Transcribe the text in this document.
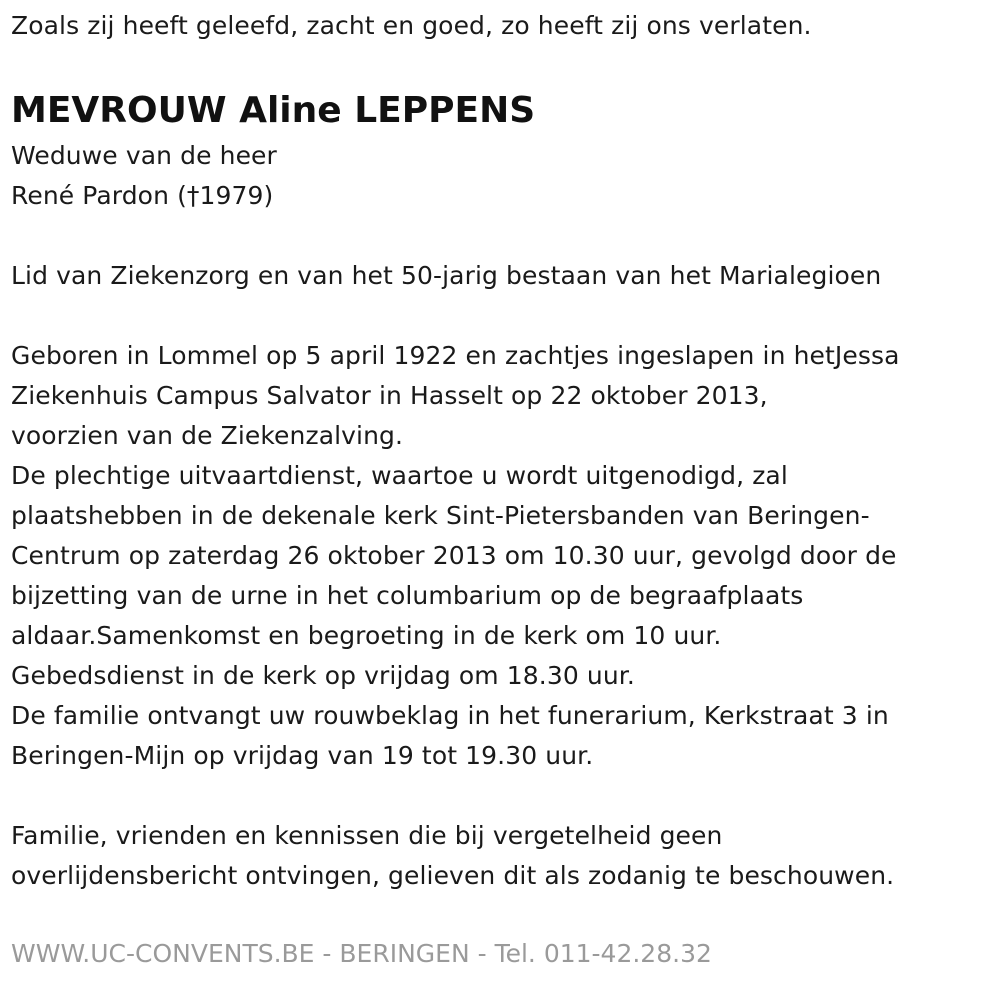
Zoals zij heeft geleefd, zacht en goed, zo heeft zij ons verlaten.
MEVROUW Aline LEPPENS
Weduwe van de heer
René Pardon (†1979)
Lid van Ziekenzorg en van het 50-jarig bestaan van het Marialegioen
Geboren in Lommel op 5 april 1922 en zachtjes ingeslapen in hetJessa
Ziekenhuis Campus Salvator in Hasselt op 22 oktober 2013,
voorzien van de Ziekenzalving.
De plechtige uitvaartdienst, waartoe u wordt uitgenodigd, zal
plaatshebben in de dekenale kerk Sint-Pietersbanden van Beringen-
Centrum op zaterdag 26 oktober 2013 om 10.30 uur, gevolgd door de
bijzetting van de urne in het columbarium op de begraafplaats
aldaar.Samenkomst en begroeting in de kerk om 10 uur.
Gebedsdienst in de kerk op vrijdag om 18.30 uur.
De familie ontvangt uw rouwbeklag in het funerarium, Kerkstraat 3 in
Beringen-Mijn op vrijdag van 19 tot 19.30 uur.
Familie, vrienden en kennissen die bij vergetelheid geen
overlijdensbericht ontvingen, gelieven dit als zodanig te beschouwen.
WWW.UC-CONVENTS.BE - BERINGEN - Tel. 011-42.28.32
